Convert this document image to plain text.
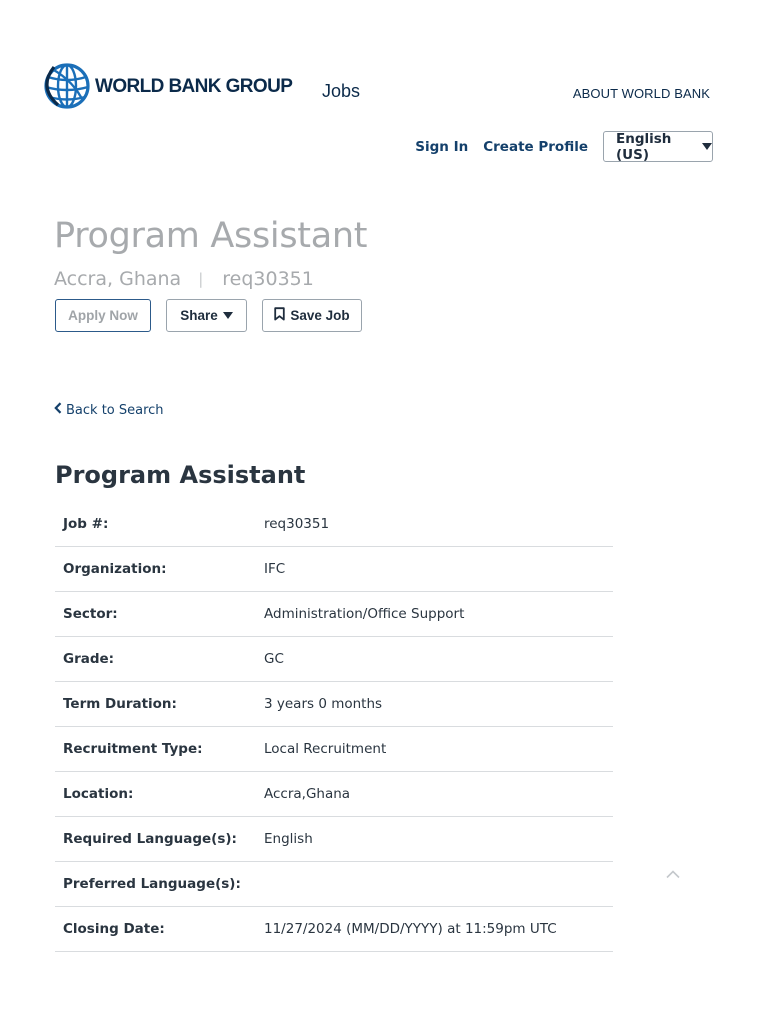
WORLD BANK GROUP Jobs	ABOUT WORLD BANK
Sign In Create Profile English (US)
Program Assistant
Accra, Ghana | req30351
Apply Now	Share	Save Job
Back to Search
Program Assistant
Job #:	req30351
Organization:	IFC
Sector:	Administration/Office Support
Grade:	GC
Term Duration:	3 years 0 months
Recruitment Type:	Local Recruitment
Location:	Accra,Ghana
Required Language(s):	English
Preferred Language(s):	
Closing Date:	11/27/2024 (MM/DD/YYYY) at 11:59pm UTC
